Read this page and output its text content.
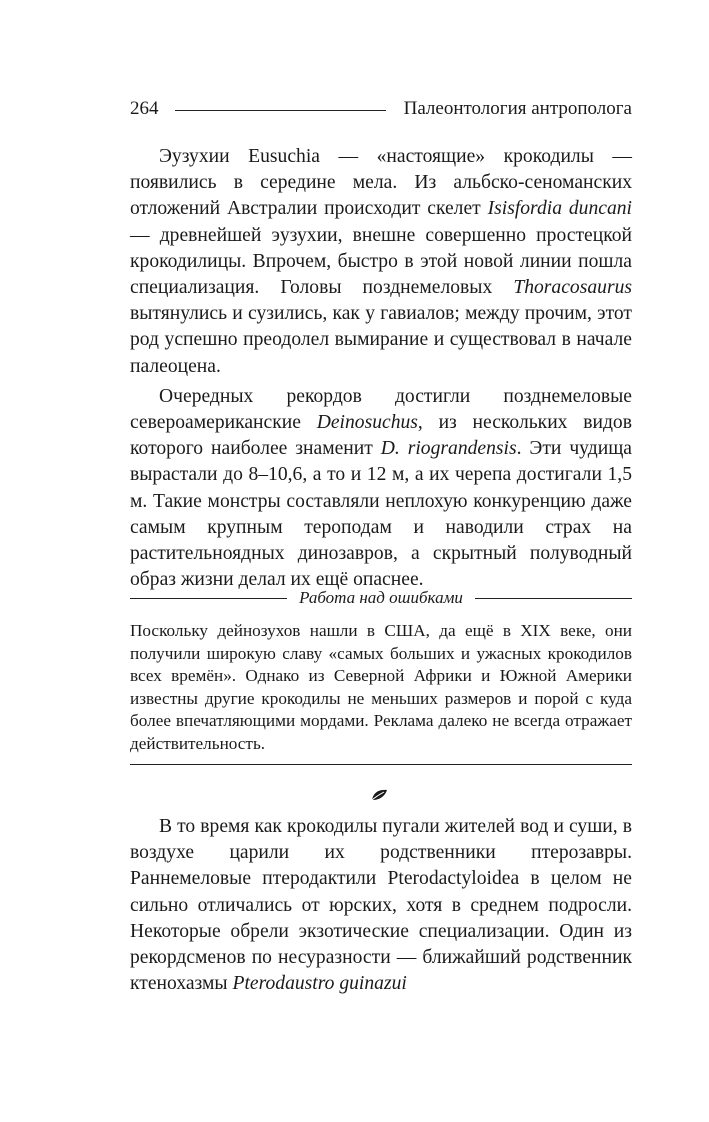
264	Палеонтология антрополога

Эузухии Eusuchia — «настоящие» крокодилы — появились в середине мела. Из альбско-сеноманских отложений Австралии происходит скелет Isisfordia duncani — древнейшей эузухии, внешне совершенно простецкой крокодилицы. Впрочем, быстро в этой новой линии пошла специализация. Головы позднемеловых Thoracosaurus вытянулись и сузились, как у гавиалов; между прочим, этот род успешно преодолел вымирание и существовал в начале палеоцена.

Очередных рекордов достигли позднемеловые североамериканские Deinosuchus, из нескольких видов которого наиболее знаменит D. riograndensis. Эти чудища вырастали до 8–10,6, а то и 12 м, а их черепа достигали 1,5 м. Такие монстры составляли неплохую конкуренцию даже самым крупным тероподам и наводили страх на растительноядных динозавров, а скрытный полуводный образ жизни делал их ещё опаснее.

Работа над ошибками
Поскольку дейнозухов нашли в США, да ещё в XIX веке, они получили широкую славу «самых больших и ужасных крокодилов всех времён». Однако из Северной Африки и Южной Америки известны другие крокодилы не меньших размеров и порой с куда более впечатляющими мордами. Реклама далеко не всегда отражает действительность.

В то время как крокодилы пугали жителей вод и суши, в воздухе царили их родственники птерозавры. Раннемеловые птеродактили Pterodactyloidea в целом не сильно отличались от юрских, хотя в среднем подросли. Некоторые обрели экзотические специализации. Один из рекордсменов по несуразности — ближайший родственник ктенохазмы Pterodaustro guinazui
